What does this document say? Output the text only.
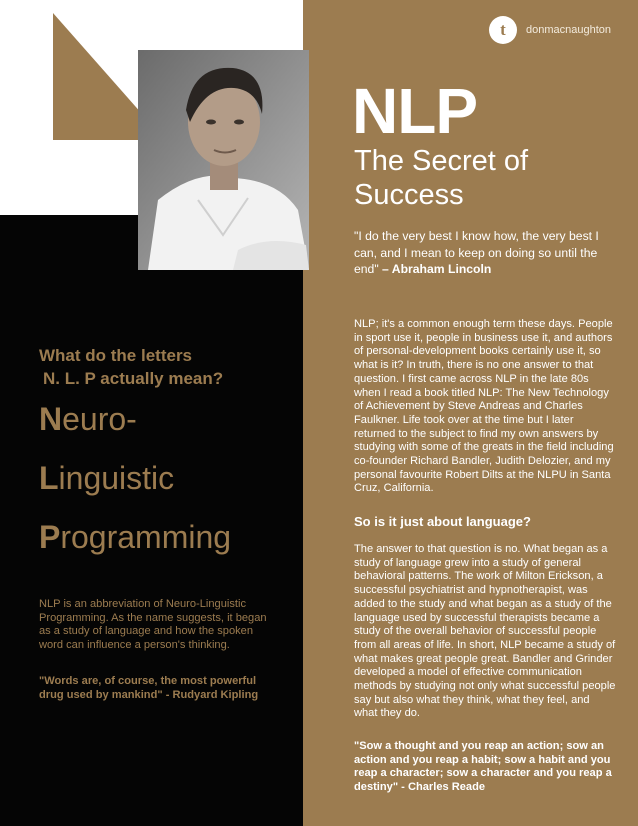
t	donmacnaughton
NLP
The Secret of Success
"I do the very best I know how, the very best I can, and I mean to keep on doing so until the end" – Abraham Lincoln
NLP; it's a common enough term these days. People in sport use it, people in business use it, and authors of personal-development books certainly use it, so what is it? In truth, there is no one answer to that question. I first came across NLP in the late 80s when I read a book titled NLP: The New Technology of Achievement by Steve Andreas and Charles Faulkner. Life took over at the time but I later returned to the subject to find my own answers by studying with some of the greats in the field including co-founder Richard Bandler, Judith Delozier, and my personal favourite Robert Dilts at the NLPU in Santa Cruz, California.
So is it just about language?
The answer to that question is no. What began as a study of language grew into a study of general behavioral patterns. The work of Milton Erickson, a successful psychiatrist and hypnotherapist, was added to the study and what began as a study of the language used by successful therapists became a study of the overall behavior of successful people from all areas of life. In short, NLP became a study of what makes great people great. Bandler and Grinder developed a model of effective communication methods by studying not only what successful people say but also what they think, what they feel, and what they do.
"Sow a thought and you reap an action; sow an action and you reap a habit; sow a habit and you reap a character; sow a character and you reap a destiny" - Charles Reade
What do the letters
N. L. P actually mean?
Neuro-
Linguistic
Programming
NLP is an abbreviation of Neuro-Linguistic Programming. As the name suggests, it began as a study of language and how the spoken word can influence a person's thinking.
"Words are, of course, the most powerful drug used by mankind" - Rudyard Kipling
